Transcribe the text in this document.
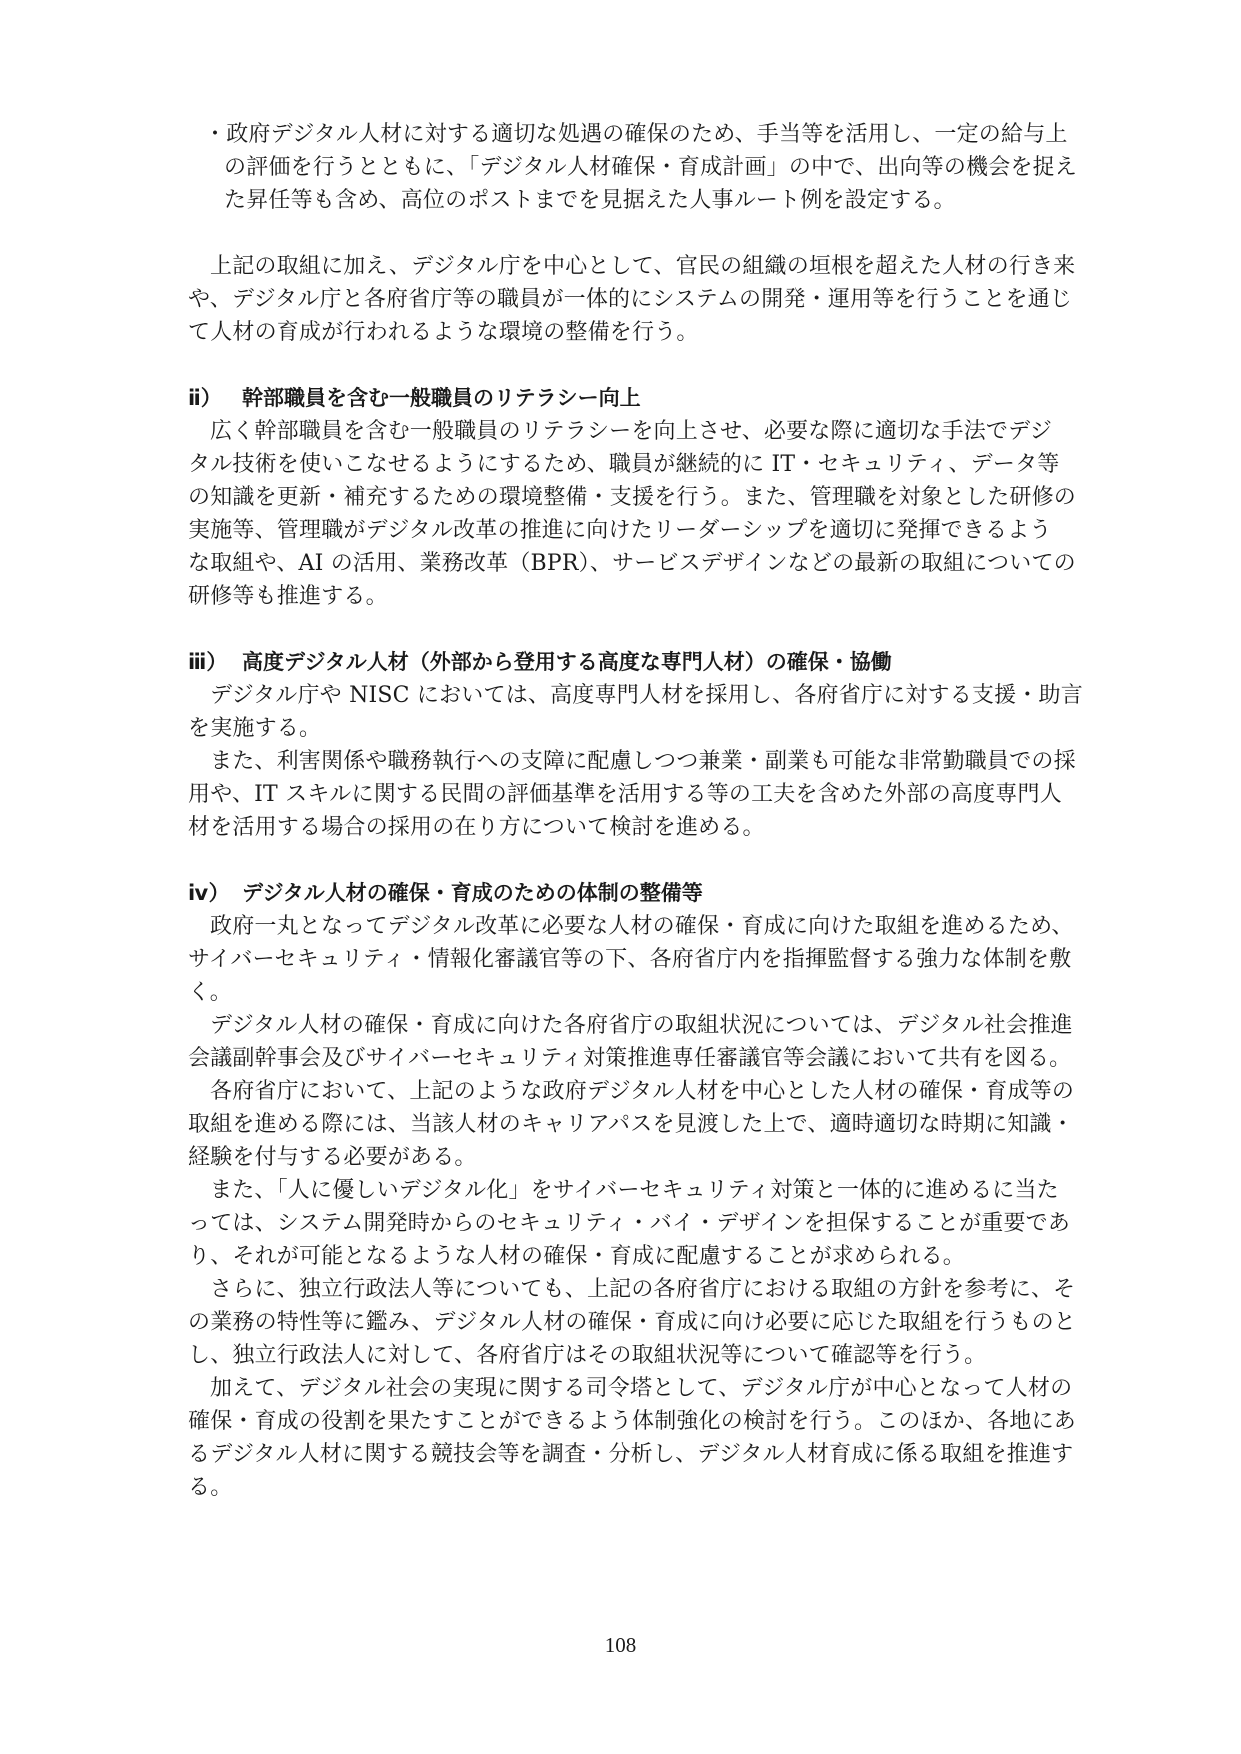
・政府デジタル人材に対する適切な処遇の確保のため、手当等を活用し、一定の給与上

の評価を行うとともに、「デジタル人材確保・育成計画」の中で、出向等の機会を捉え

た昇任等も含め、高位のポストまでを見据えた人事ルート例を設定する。

上記の取組に加え、デジタル庁を中心として、官民の組織の垣根を超えた人材の行き来

や、デジタル庁と各府省庁等の職員が一体的にシステムの開発・運用等を行うことを通じ

て人材の育成が行われるような環境の整備を行う。

ⅱ） 幹部職員を含む一般職員のリテラシー向上

広く幹部職員を含む一般職員のリテラシーを向上させ、必要な際に適切な手法でデジ

タル技術を使いこなせるようにするため、職員が継続的に IT・セキュリティ、データ等

の知識を更新・補充するための環境整備・支援を行う。また、管理職を対象とした研修の

実施等、管理職がデジタル改革の推進に向けたリーダーシップを適切に発揮できるよう

な取組や、AI の活用、業務改革（BPR）、サービスデザインなどの最新の取組についての

研修等も推進する。

ⅲ） 高度デジタル人材（外部から登用する高度な専門人材）の確保・協働

デジタル庁や NISC においては、高度専門人材を採用し、各府省庁に対する支援・助言

を実施する。

また、利害関係や職務執行への支障に配慮しつつ兼業・副業も可能な非常勤職員での採

用や、IT スキルに関する民間の評価基準を活用する等の工夫を含めた外部の高度専門人

材を活用する場合の採用の在り方について検討を進める。

ⅳ） デジタル人材の確保・育成のための体制の整備等

政府一丸となってデジタル改革に必要な人材の確保・育成に向けた取組を進めるため、

サイバーセキュリティ・情報化審議官等の下、各府省庁内を指揮監督する強力な体制を敷

く。

デジタル人材の確保・育成に向けた各府省庁の取組状況については、デジタル社会推進

会議副幹事会及びサイバーセキュリティ対策推進専任審議官等会議において共有を図る。

各府省庁において、上記のような政府デジタル人材を中心とした人材の確保・育成等の

取組を進める際には、当該人材のキャリアパスを見渡した上で、適時適切な時期に知識・

経験を付与する必要がある。

また、「人に優しいデジタル化」をサイバーセキュリティ対策と一体的に進めるに当た

っては、システム開発時からのセキュリティ・バイ・デザインを担保することが重要であ

り、それが可能となるような人材の確保・育成に配慮することが求められる。

さらに、独立行政法人等についても、上記の各府省庁における取組の方針を参考に、そ

の業務の特性等に鑑み、デジタル人材の確保・育成に向け必要に応じた取組を行うものと

し、独立行政法人に対して、各府省庁はその取組状況等について確認等を行う。

加えて、デジタル社会の実現に関する司令塔として、デジタル庁が中心となって人材の

確保・育成の役割を果たすことができるよう体制強化の検討を行う。このほか、各地にあ

るデジタル人材に関する競技会等を調査・分析し、デジタル人材育成に係る取組を推進す

る。

108
